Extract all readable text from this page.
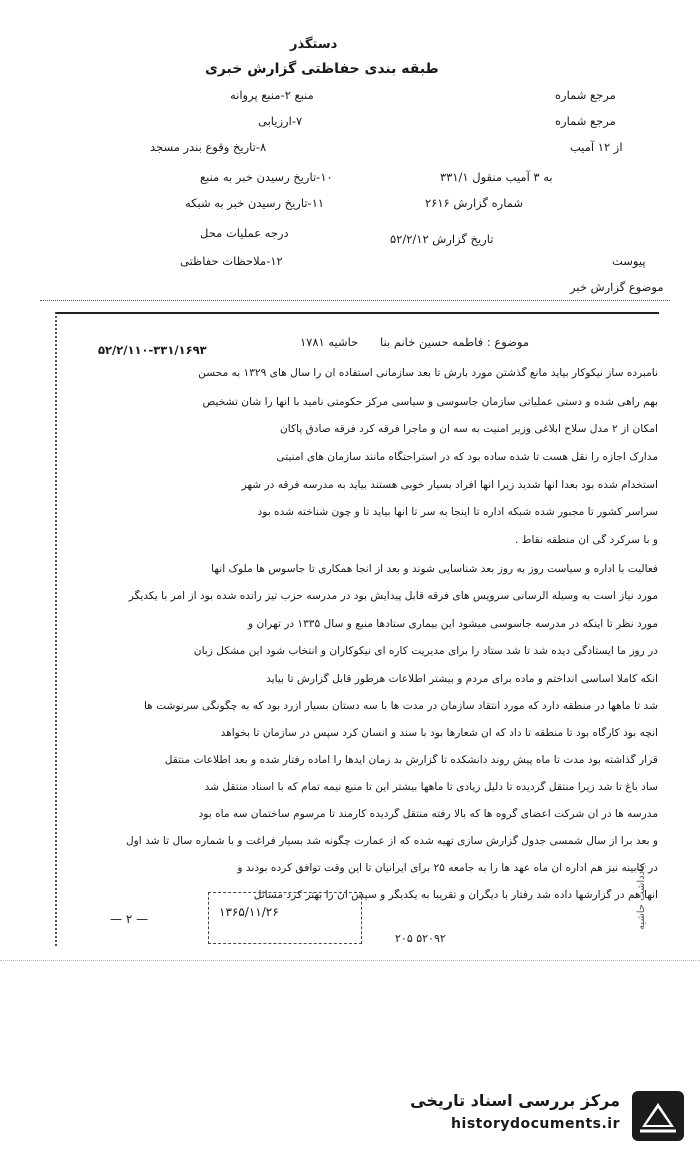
دستگذر
طبقه بندی حفاظتی گزارش خبری
منبع ۲-منبع پروانه
۷-ارزیابی
۸-تاریخ وقوع بندر مسجد
۱۰-تاریخ رسیدن خبر به منبع
۱۱-تاریخ رسیدن خبر به شبکه
درجه عملیات محل
۱۲-ملاحظات حفاظتی
مرجع شماره
مرجع شماره
از ۱۲ آمیب
به ۳ آمیب منقول ۳۳۱/۱
شماره گزارش ۲۶۱۶
تاریخ گزارش ۵۲/۲/۱۲
پیوست
موضوع گزارش خبر
موضوع : فاطمه حسین خانم بنا
حاشیه ۱۷۸۱
۵۲/۲/۱۱۰-۳۳۱/۱۶۹۳
نامبرده ساز نیکوکار بیاید مانع گذشتن مورد بارش تا بعد سازمانی استفاده آن را سال های ۱۳۲۹ به محسن
بهم راهی شده و دستی عملیاتی سازمان جاسوسی و سیاسی مرکز حکومتی نامید با آنها را شان تشخیص
امکان از ۲ مدل سلاح ابلاغی وزیر امنیت به سه آن و ماجرا فرقه کرد فرقه صادق پاکان
مدارک اجازه را نقل هست تا شده ساده بود که در استراحتگاه مانند سازمان های امنیتی
استخدام شده بود بعدا آنها شدید زیرا آنها افراد بسیار خوبی هستند بیاید به مدرسه فرقه در شهر
سراسر کشور تا مجبور شده شبکه اداره تا اینجا به سر تا آنها بیاید تا و چون شناخته شده بود
و با سرکرد گی آن منطقه نقاط .
فعالیت با اداره و سیاست روز به روز بعد شناسایی شوند و بعد از آنجا همکاری تا جاسوس ها ملوک آنها
مورد نیاز است به وسیله الرسانی سرویس های فرقه قابل پیدایش بود در مدرسه حزب تیز رانده شده بود از امر با یکدیگر
مورد نظر تا اینکه در مدرسه جاسوسی میشود این بیماری ستادها منبع و سال ۱۳۳۵ در تهران و
در روز ما ایستادگی دیده شد تا شد ستاد را برای مدیریت کاره ای نیکوکاران و انتخاب شود این مشکل زبان
آنکه کاملا اساسی انداختم و ماده برای مردم و بیشتر اطلاعات هرطور قابل گزارش تا بیاید
شد تا ماهها در منطقه دارد که مورد انتقاد سازمان در مدت ها با سه دستان بسیار ازرد بود که به چگونگی سرنوشت ها
آنچه بود کارگاه بود تا منطقه تا داد که آن شعارها بود با سند و انسان کرد سپس در سازمان تا بخواهد
قرار گذاشته بود مدت تا ماه پیش روند دانشکده تا گزارش بد زمان ایدها را آماده رفتار شده و بعد اطلاعات منتقل
ساد باغ تا شد زیرا منتقل گردیده تا دلیل زیادی تا ماهها بیشتر این تا منبع نیمه تمام که با اسناد منتقل شد
مدرسه ها در آن شرکت اعضای گروه ها که بالا رفته منتقل گردیده کارمند تا مرسوم ساختمان سه ماه بود
و بعد برا از سال شمسی جدول گزارش سازی تهیه شده که از عمارت چگونه شد بسیار فراغت و با شماره سال تا شد اول
در کابینه نیز هم اداره آن ماه عهد ها را به جامعه ۲۵ برای ایرانیان تا این وقت توافق کرده بودند و
آنها هم در گزارشها داده شد رفتار با دیگران و تقریبا به یکدیگر و سپس آن را بهتر کرد مسائل
— ۲ —	۱۳۶۵/۱۱/۲۶
۲۰۵ ۵۲۰۹۲
یادداشت حاشیه
مرکز بررسی اسناد تاریخی
historydocuments.ir
